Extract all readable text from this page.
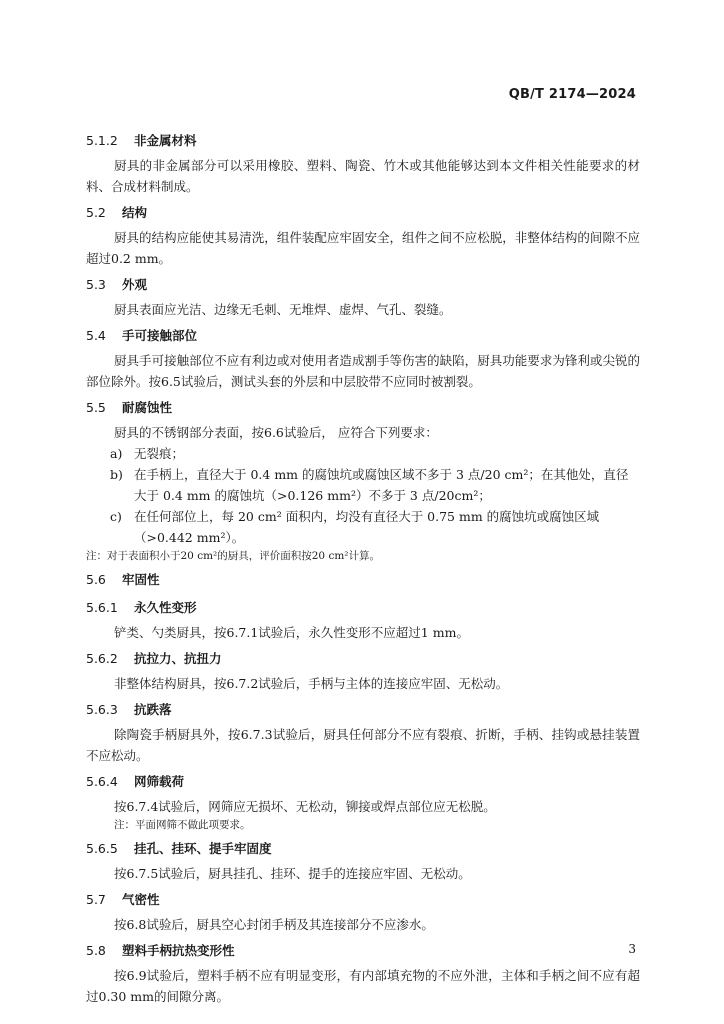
QB/T 2174—2024

5.1.2 非金属材料

厨具的非金属部分可以采用橡胶、塑料、陶瓷、竹木或其他能够达到本文件相关性能要求的材料、合成材料制成。

5.2 结构

厨具的结构应能使其易清洗，组件装配应牢固安全，组件之间不应松脱，非整体结构的间隙不应超过0.2 mm。

5.3 外观

厨具表面应光洁、边缘无毛刺、无堆焊、虚焊、气孔、裂缝。

5.4 手可接触部位

厨具手可接触部位不应有利边或对使用者造成割手等伤害的缺陷，厨具功能要求为锋利或尖锐的部位除外。按6.5试验后，测试头套的外层和中层胶带不应同时被割裂。

5.5 耐腐蚀性

厨具的不锈钢部分表面，按6.6试验后， 应符合下列要求：

a) 无裂痕；
b) 在手柄上，直径大于 0.4 mm 的腐蚀坑或腐蚀区域不多于 3 点/20 cm²；在其他处，直径大于 0.4 mm 的腐蚀坑（>0.126 mm²）不多于 3 点/20cm²；
c) 在任何部位上，每 20 cm² 面积内，均没有直径大于 0.75 mm 的腐蚀坑或腐蚀区域（>0.442 mm²）。

注：对于表面积小于20 cm²的厨具，评价面积按20 cm²计算。

5.6 牢固性

5.6.1 永久性变形

铲类、勺类厨具，按6.7.1试验后，永久性变形不应超过1 mm。

5.6.2 抗拉力、抗扭力

非整体结构厨具，按6.7.2试验后，手柄与主体的连接应牢固、无松动。

5.6.3 抗跌落

除陶瓷手柄厨具外，按6.7.3试验后，厨具任何部分不应有裂痕、折断，手柄、挂钩或悬挂装置不应松动。

5.6.4 网筛载荷

按6.7.4试验后，网筛应无损坏、无松动，铆接或焊点部位应无松脱。

注：平面网筛不做此项要求。

5.6.5 挂孔、挂环、提手牢固度

按6.7.5试验后，厨具挂孔、挂环、提手的连接应牢固、无松动。

5.7 气密性

按6.8试验后，厨具空心封闭手柄及其连接部分不应渗水。

5.8 塑料手柄抗热变形性

按6.9试验后，塑料手柄不应有明显变形，有内部填充物的不应外泄，主体和手柄之间不应有超过0.30 mm的间隙分离。

3
